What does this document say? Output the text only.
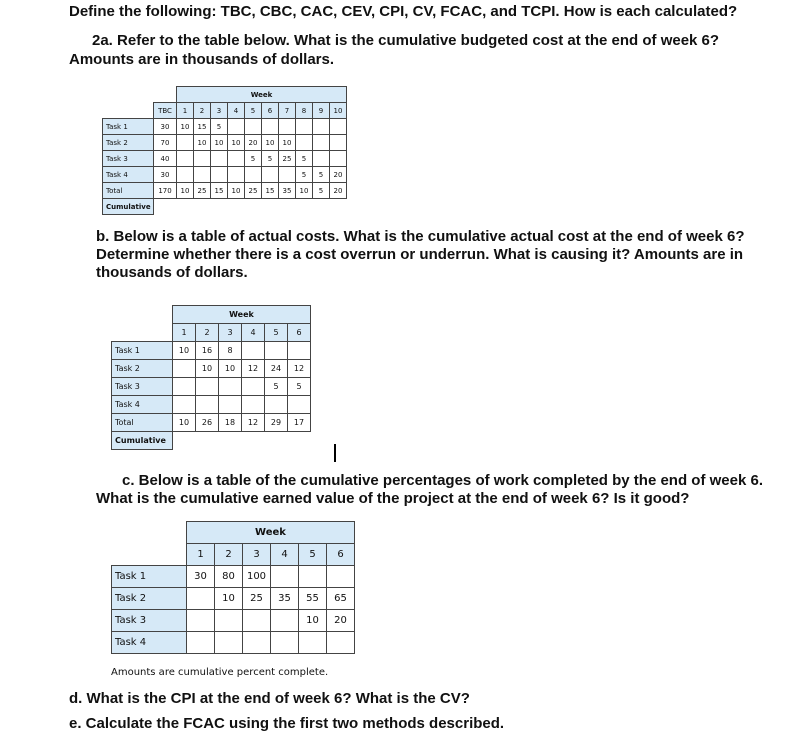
Define the following: TBC, CBC, CAC, CEV, CPI, CV, FCAC, and TCPI. How is each calculated?
2a. Refer to the table below. What is the cumulative budgeted cost at the end of week 6?
Amounts are in thousands of dollars.
		Week									
	TBC	1	2	3	4	5	6	7	8	9	10
Task 1	30	10	15	5							
Task 2	70		10	10	10	20	10	10			
Task 3	40					5	5	25	5		
Task 4	30								5	5	20
Total	170	10	25	15	10	25	15	35	10	5	20
Cumulative											
b. Below is a table of actual costs. What is the cumulative actual cost at the end of week 6? Determine whether there is a cost overrun or underrun. What is causing it? Amounts are in thousands of dollars.
	Week					
	1	2	3	4	5	6
Task 1	10	16	8			
Task 2		10	10	12	24	12
Task 3					5	5
Task 4						
Total	10	26	18	12	29	17
Cumulative						
c. Below is a table of the cumulative percentages of work completed by the end of week 6. What is the cumulative earned value of the project at the end of week 6? Is it good?
	Week					
	1	2	3	4	5	6
Task 1	30	80	100			
Task 2		10	25	35	55	65
Task 3					10	20
Task 4						
Amounts are cumulative percent complete.
d. What is the CPI at the end of week 6? What is the CV?
e. Calculate the FCAC using the first two methods described.
